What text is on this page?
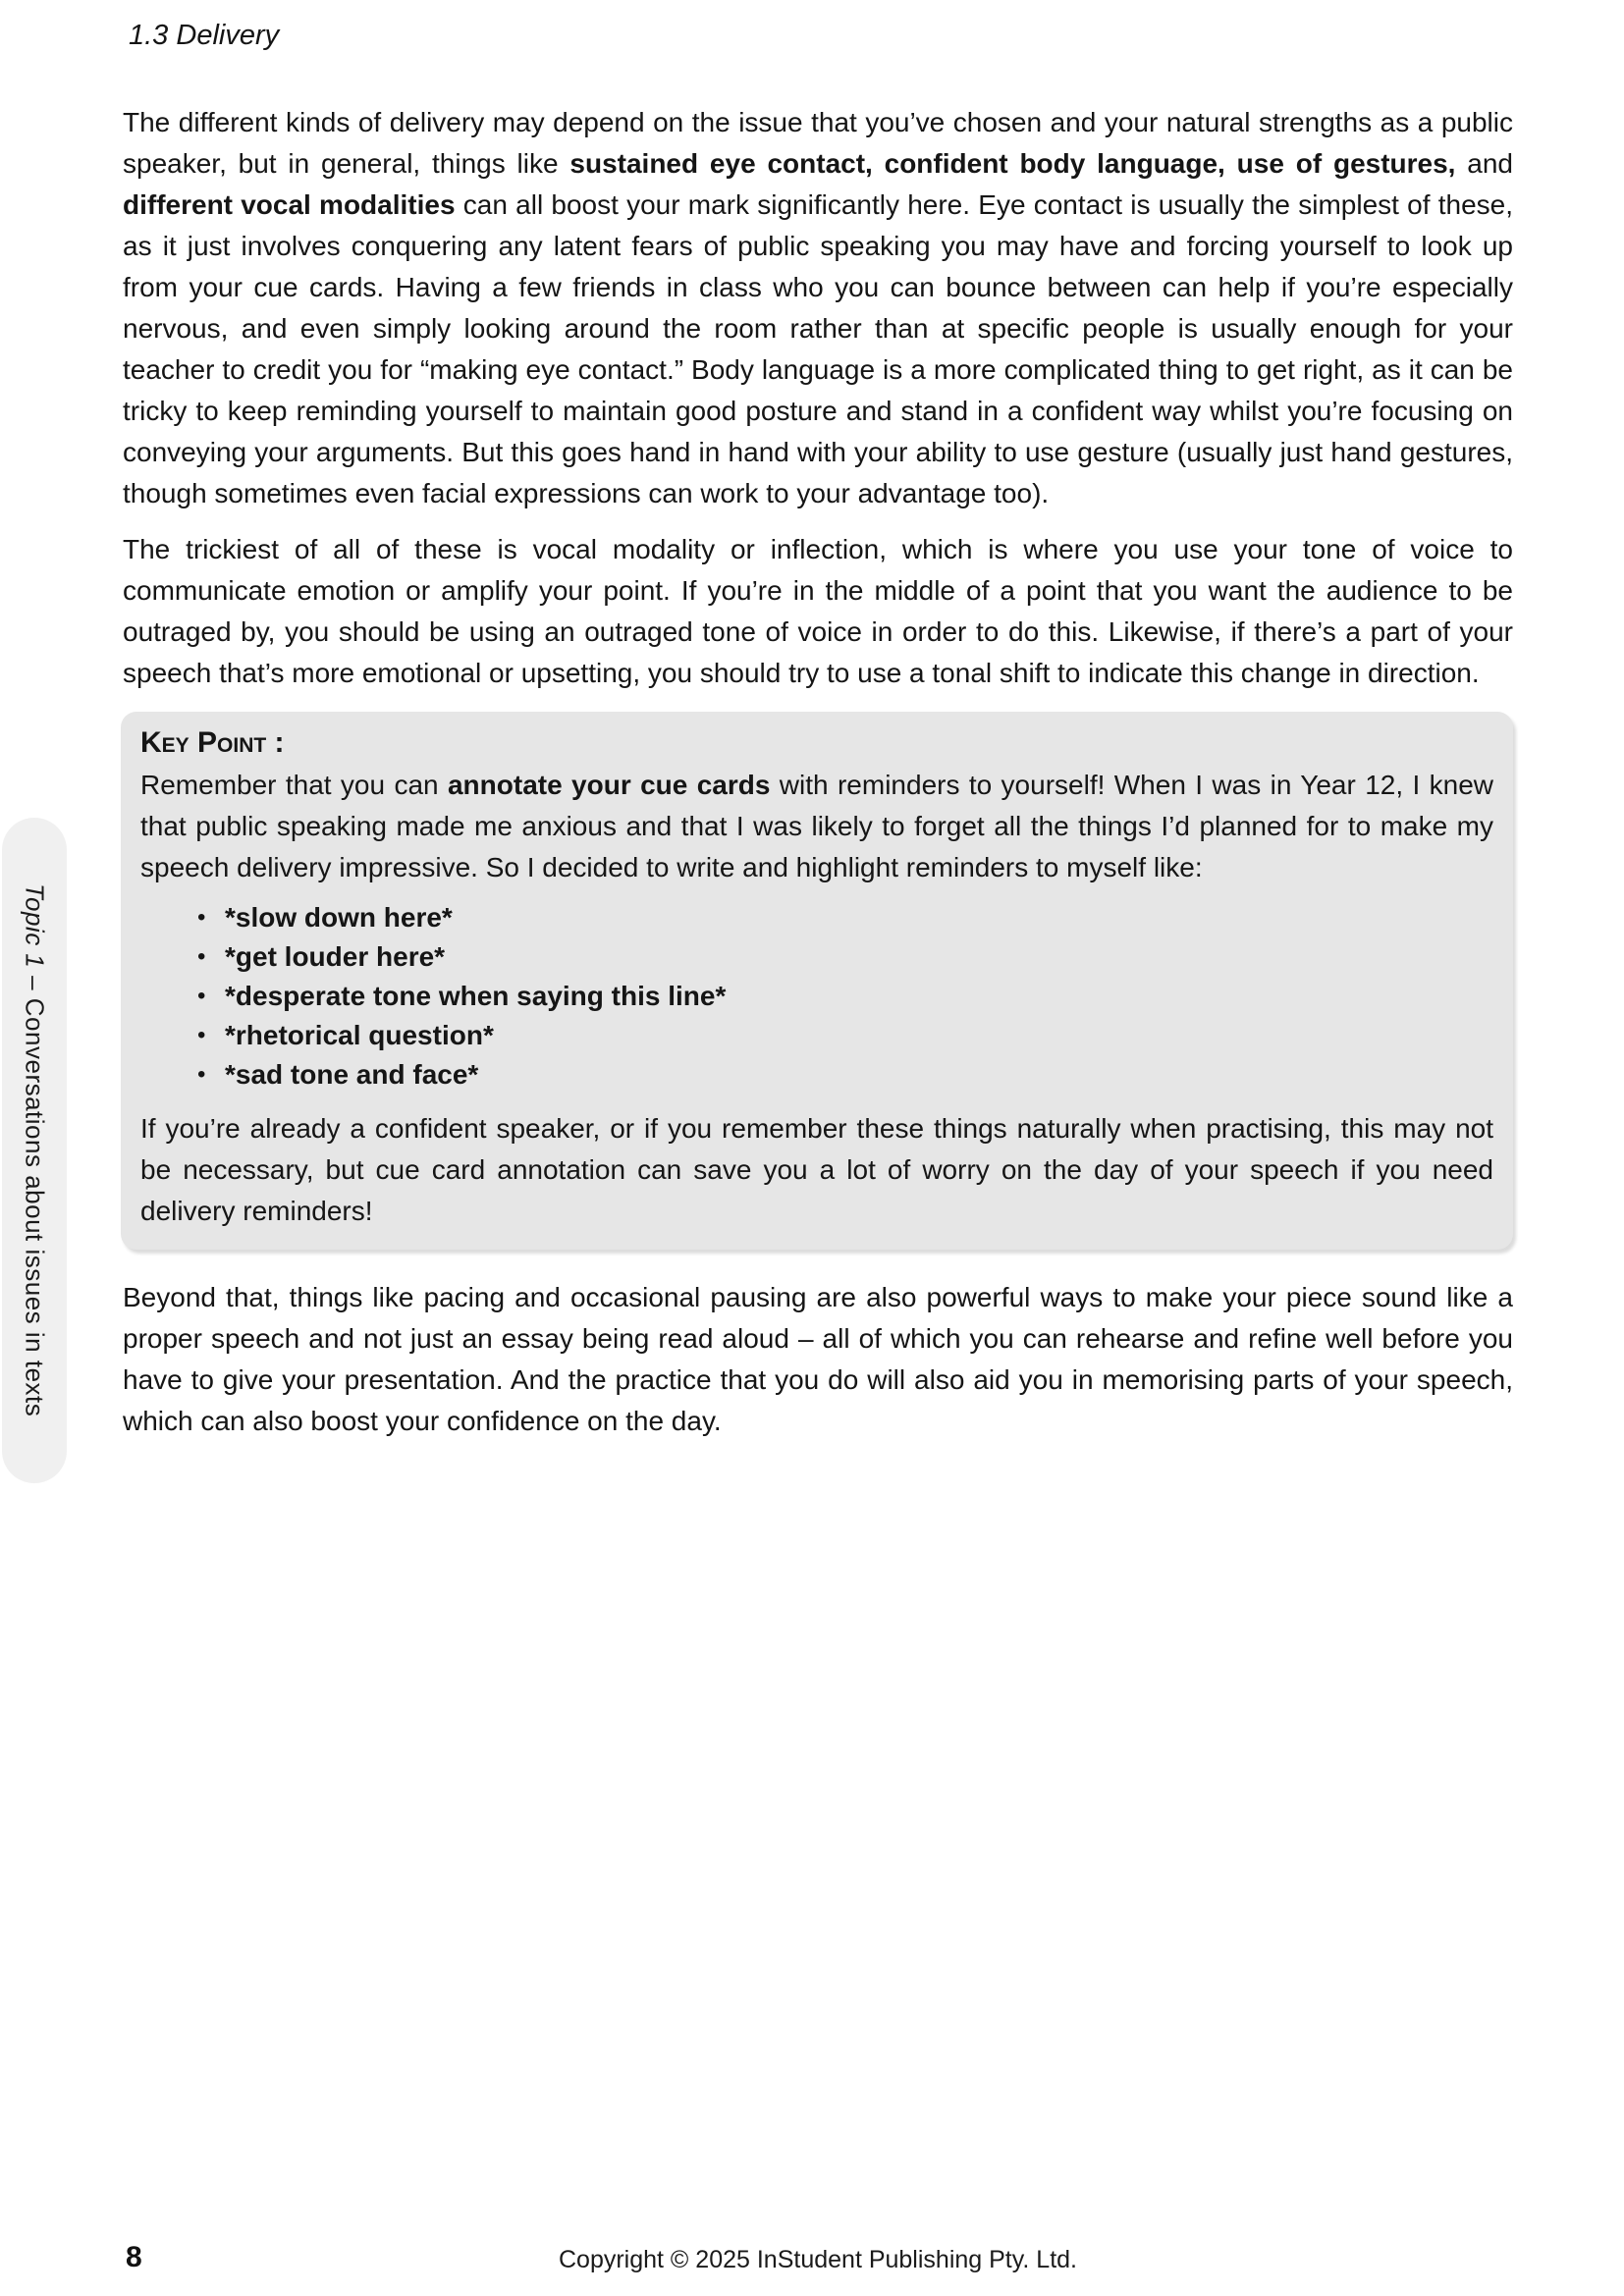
Topic 1 – Conversations about issues in texts
1.3 Delivery

The different kinds of delivery may depend on the issue that you’ve chosen and your natural strengths as a public speaker, but in general, things like sustained eye contact, confident body language, use of gestures, and different vocal modalities can all boost your mark significantly here. Eye contact is usually the simplest of these, as it just involves conquering any latent fears of public speaking you may have and forcing yourself to look up from your cue cards. Having a few friends in class who you can bounce between can help if you’re especially nervous, and even simply looking around the room rather than at specific people is usually enough for your teacher to credit you for “making eye contact.” Body language is a more complicated thing to get right, as it can be tricky to keep reminding yourself to maintain good posture and stand in a confident way whilst you’re focusing on conveying your arguments. But this goes hand in hand with your ability to use gesture (usually just hand gestures, though sometimes even facial expressions can work to your advantage too).

The trickiest of all of these is vocal modality or inflection, which is where you use your tone of voice to communicate emotion or amplify your point. If you’re in the middle of a point that you want the audience to be outraged by, you should be using an outraged tone of voice in order to do this. Likewise, if there’s a part of your speech that’s more emotional or upsetting, you should try to use a tonal shift to indicate this change in direction.

Key Point :

Remember that you can annotate your cue cards with reminders to yourself! When I was in Year 12, I knew that public speaking made me anxious and that I was likely to forget all the things I’d planned for to make my speech delivery impressive. So I decided to write and highlight reminders to myself like:

• *slow down here*
• *get louder here*
• *desperate tone when saying this line*
• *rhetorical question*
• *sad tone and face*

If you’re already a confident speaker, or if you remember these things naturally when practising, this may not be necessary, but cue card annotation can save you a lot of worry on the day of your speech if you need delivery reminders!

Beyond that, things like pacing and occasional pausing are also powerful ways to make your piece sound like a proper speech and not just an essay being read aloud – all of which you can rehearse and refine well before you have to give your presentation. And the practice that you do will also aid you in memorising parts of your speech, which can also boost your confidence on the day.

8	Copyright © 2025 InStudent Publishing Pty. Ltd.
